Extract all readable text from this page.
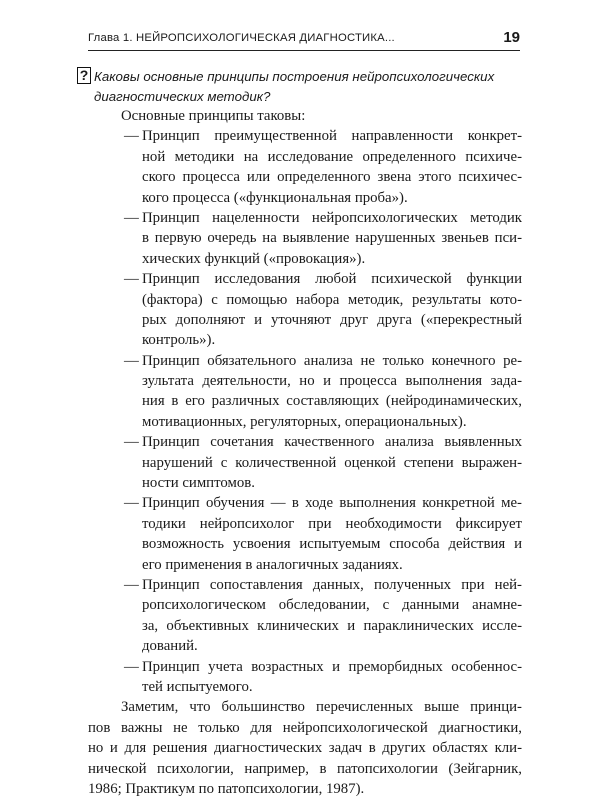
Глава 1. НЕЙРОПСИХОЛОГИЧЕСКАЯ ДИАГНОСТИКА...	19
? Каковы основные принципы построения нейропсихологических
диагностических методик?
Основные принципы таковы:
— Принцип преимущественной направленности конкрет-
ной методики на исследование определенного психиче-
ского процесса или определенного звена этого психичес-
кого процесса («функциональная проба»).
— Принцип нацеленности нейропсихологических методик
в первую очередь на выявление нарушенных звеньев пси-
хических функций («провокация»).
— Принцип исследования любой психической функции
(фактора) с помощью набора методик, результаты кото-
рых дополняют и уточняют друг друга («перекрестный
контроль»).
— Принцип обязательного анализа не только конечного ре-
зультата деятельности, но и процесса выполнения зада-
ния в его различных составляющих (нейродинамических,
мотивационных, регуляторных, операциональных).
— Принцип сочетания качественного анализа выявленных
нарушений с количественной оценкой степени выражен-
ности симптомов.
— Принцип обучения — в ходе выполнения конкретной ме-
тодики нейропсихолог при необходимости фиксирует
возможность усвоения испытуемым способа действия и
его применения в аналогичных заданиях.
— Принцип сопоставления данных, полученных при ней-
ропсихологическом обследовании, с данными анамне-
за, объективных клинических и параклинических иссле-
дований.
— Принцип учета возрастных и преморбидных особеннос-
тей испытуемого.
Заметим, что большинство перечисленных выше принци-
пов важны не только для нейропсихологической диагностики,
но и для решения диагностических задач в других областях кли-
нической психологии, например, в патопсихологии (Зейгарник,
1986; Практикум по патопсихологии, 1987).
